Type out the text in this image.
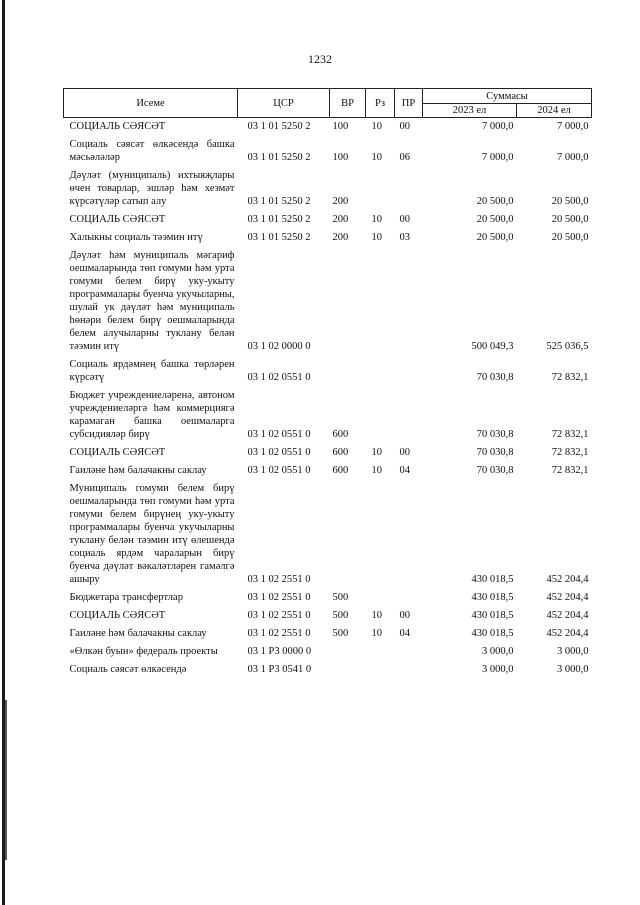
1232
Исеме	ЦСР	ВР	Рз	ПР	Суммасы	
					2023 ел	2024 ел
СОЦИАЛЬ СӘЯСӘТ	03 1 01 5250 2	100	10	00	7 000,0	7 000,0
Социаль сәясәт өлкәсендә башка мәсьәләләр	03 1 01 5250 2	100	10	06	7 000,0	7 000,0
Дәүләт (муниципаль) ихтыяҗлары өчен товарлар, эшләр һәм хезмәт күрсәтүләр сатып алу	03 1 01 5250 2	200			20 500,0	20 500,0
СОЦИАЛЬ СӘЯСӘТ	03 1 01 5250 2	200	10	00	20 500,0	20 500,0
Халыкны социаль тәэмин итү	03 1 01 5250 2	200	10	03	20 500,0	20 500,0
Дәүләт һәм муниципаль мәгариф оешмаларында төп гомуми һәм урта гомуми белем бирү уку-укыту программалары буенча укучыларны, шулай ук дәүләт һәм муниципаль һөнәри белем бирү оешмаларында белем алучыларны туклану белән тәэмин итү	03 1 02 0000 0				500 049,3	525 036,5
Социаль ярдәмнең башка төрләрен күрсәтү	03 1 02 0551 0				70 030,8	72 832,1
Бюджет учреждениеләренә, автоном учреждениеләргә һәм коммерциягә карамаган башка оешмаларга субсидияләр бирү	03 1 02 0551 0	600			70 030,8	72 832,1
СОЦИАЛЬ СӘЯСӘТ	03 1 02 0551 0	600	10	00	70 030,8	72 832,1
Гаиләне һәм балачакны саклау	03 1 02 0551 0	600	10	04	70 030,8	72 832,1
Муниципаль гомуми белем бирү оешмаларында төп гомуми һәм урта гомуми белем бирүнең уку-укыту программалары буенча укучыларны туклану белән тәэмин итү өлешендә социаль ярдәм чараларын бирү буенча дәүләт вәкаләтләрен гамәлгә ашыру	03 1 02 2551 0				430 018,5	452 204,4
Бюджетара трансфертлар	03 1 02 2551 0	500			430 018,5	452 204,4
СОЦИАЛЬ СӘЯСӘТ	03 1 02 2551 0	500	10	00	430 018,5	452 204,4
Гаиләне һәм балачакны саклау	03 1 02 2551 0	500	10	04	430 018,5	452 204,4
«Өлкән буын» федераль проекты	03 1 P3 0000 0				3 000,0	3 000,0
Социаль сәясәт өлкәсендә	03 1 P3 0541 0				3 000,0	3 000,0
